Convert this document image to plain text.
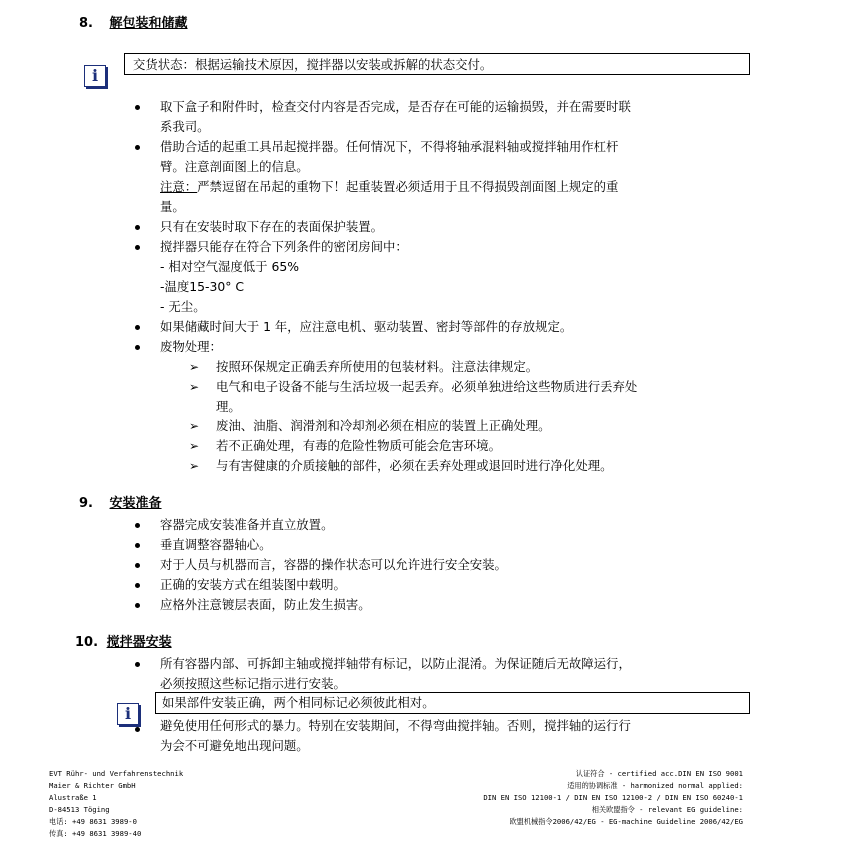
8. 解包装和储藏
i
交货状态：根据运输技术原因，搅拌器以安装或拆解的状态交付。
取下盒子和附件时，检查交付内容是否完成，是否存在可能的运输损毁，并在需要时联
系我司。
借助合适的起重工具吊起搅拌器。任何情况下，不得将轴承混料轴或搅拌轴用作杠杆
臂。注意剖面图上的信息。
注意：严禁逗留在吊起的重物下！起重装置必须适用于且不得损毁剖面图上规定的重
量。
只有在安装时取下存在的表面保护装置。
搅拌器只能存在符合下列条件的密闭房间中：
- 相对空气湿度低于 65%
-温度15-30° C
- 无尘。
如果储藏时间大于 1 年，应注意电机、驱动装置、密封等部件的存放规定。
废物处理：
➢ 按照环保规定正确丢弃所使用的包装材料。注意法律规定。
➢ 电气和电子设备不能与生活垃圾一起丢弃。必须单独进给这些物质进行丢弃处
理。
➢ 废油、油脂、润滑剂和冷却剂必须在相应的装置上正确处理。
➢ 若不正确处理，有毒的危险性物质可能会危害环境。
➢ 与有害健康的介质接触的部件，必须在丢弃处理或退回时进行净化处理。
9. 安装准备
容器完成安装准备并直立放置。
垂直调整容器轴心。
对于人员与机器而言，容器的操作状态可以允许进行安全安装。
正确的安装方式在组装图中载明。
应格外注意镀层表面，防止发生损害。
10. 搅拌器安装
所有容器内部、可拆卸主轴或搅拌轴带有标记，以防止混淆。为保证随后无故障运行，
必须按照这些标记指示进行安装。
i
如果部件安装正确，两个相同标记必须彼此相对。
避免使用任何形式的暴力。特别在安装期间，不得弯曲搅拌轴。否则，搅拌轴的运行行
为会不可避免地出现问题。
EVT Rühr- und Verfahrenstechnik
Maier & Richter GmbH
Alustraße 1
D-84513 Töging
电话: +49 8631 3989-0
传真: +49 8631 3989-40
认证符合 - certified acc.DIN EN ISO 9001
适用的协调标准 - harmonized normal applied:
DIN EN ISO 12100-1 / DIN EN ISO 12100-2 / DIN EN ISO 60240-1
相关欧盟指令 - relevant EG guideline:
欧盟机械指令2006/42/EG - EG-machine Guideline 2006/42/EG
